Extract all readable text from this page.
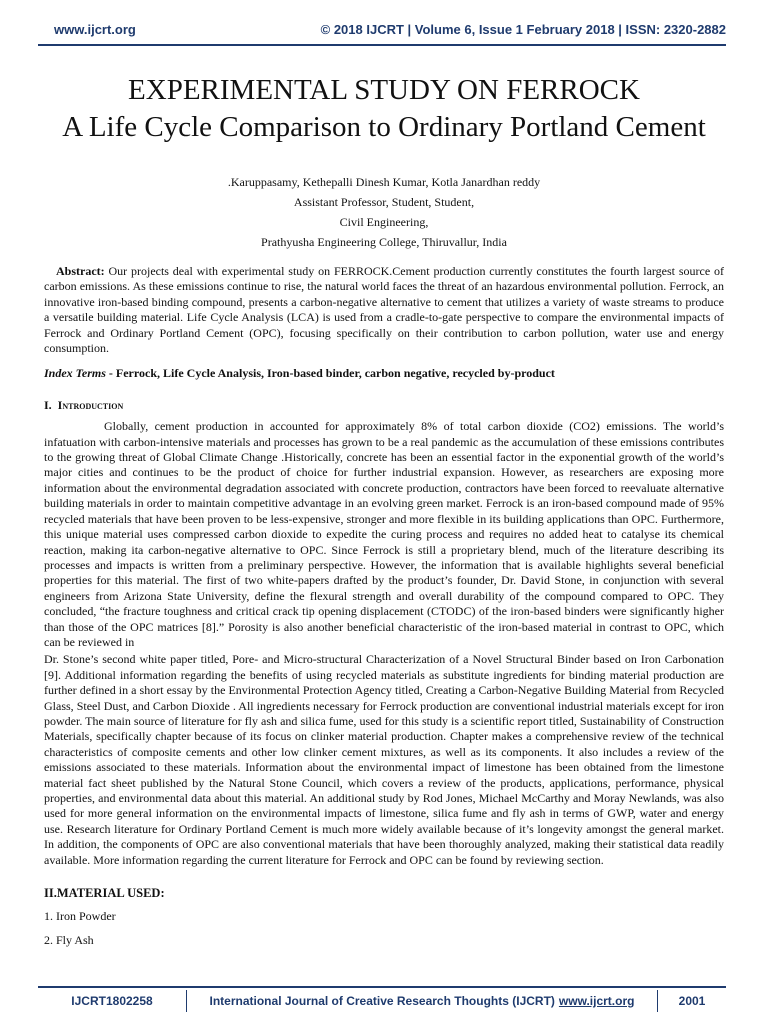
www.ijcrt.org	© 2018 IJCRT | Volume 6, Issue 1 February 2018 | ISSN: 2320-2882
EXPERIMENTAL STUDY ON FERROCK
A Life Cycle Comparison to Ordinary Portland Cement
.Karuppasamy, Kethepalli Dinesh Kumar, Kotla Janardhan reddy
Assistant Professor, Student, Student,
Civil Engineering,
Prathyusha Engineering College, Thiruvallur, India

Abstract: Our projects deal with experimental study on FERROCK.Cement production currently constitutes the fourth largest source of carbon emissions. As these emissions continue to rise, the natural world faces the threat of an hazardous environmental pollution. Ferrock, an innovative iron-based binding compound, presents a carbon-negative alternative to cement that utilizes a variety of waste streams to produce a versatile building material. Life Cycle Analysis (LCA) is used from a cradle-to-gate perspective to compare the environmental impacts of Ferrock and Ordinary Portland Cement (OPC), focusing specifically on their contribution to carbon pollution, water use and energy consumption.

Index Terms - Ferrock, Life Cycle Analysis, Iron-based binder, carbon negative, recycled by-product

I. Introduction

Globally, cement production in accounted for approximately 8% of total carbon dioxide (CO2) emissions. The world’s infatuation with carbon-intensive materials and processes has grown to be a real pandemic as the accumulation of these emissions contributes to the growing threat of Global Climate Change .Historically, concrete has been an essential factor in the exponential growth of the world’s major cities and continues to be the product of choice for further industrial expansion. However, as researchers are exposing more information about the environmental degradation associated with concrete production, contractors have been forced to reevaluate alternative building materials in order to maintain competitive advantage in an evolving green market. Ferrock is an iron-based compound made of 95% recycled materials that have been proven to be less-expensive, stronger and more flexible in its building applications than OPC. Furthermore, this unique material uses compressed carbon dioxide to expedite the curing process and requires no added heat to catalyse its chemical reaction, making ita carbon-negative alternative to OPC. Since Ferrock is still a proprietary blend, much of the literature describing its processes and impacts is written from a preliminary perspective. However, the information that is available highlights several beneficial properties for this material. The first of two white-papers drafted by the product’s founder, Dr. David Stone, in conjunction with several engineers from Arizona State University, define the flexural strength and overall durability of the compound compared to OPC. They concluded, “the fracture toughness and critical crack tip opening displacement (CTODC) of the iron-based binders were significantly higher than those of the OPC matrices [8].” Porosity is also another beneficial characteristic of the iron-based material in contrast to OPC, which can be reviewed in

Dr. Stone’s second white paper titled, Pore- and Micro-structural Characterization of a Novel Structural Binder based on Iron Carbonation [9]. Additional information regarding the benefits of using recycled materials as substitute ingredients for binding material production are further defined in a short essay by the Environmental Protection Agency titled, Creating a Carbon-Negative Building Material from Recycled Glass, Steel Dust, and Carbon Dioxide . All ingredients necessary for Ferrock production are conventional industrial materials except for iron powder. The main source of literature for fly ash and silica fume, used for this study is a scientific report titled, Sustainability of Construction Materials, specifically chapter because of its focus on clinker material production. Chapter makes a comprehensive review of the technical characteristics of composite cements and other low clinker cement mixtures, as well as its components. It also includes a review of the emissions associated to these materials. Information about the environmental impact of limestone has been obtained from the limestone material fact sheet published by the Natural Stone Council, which covers a review of the products, applications, performance, physical properties, and environmental data about this material. An additional study by Rod Jones, Michael McCarthy and Moray Newlands, was also used for more general information on the environmental impacts of limestone, silica fume and fly ash in terms of GWP, water and energy use. Research literature for Ordinary Portland Cement is much more widely available because of it’s longevity amongst the general market. In addition, the components of OPC are also conventional materials that have been thoroughly analyzed, making their statistical data readily available. More information regarding the current literature for Ferrock and OPC can be found by reviewing section.

II.MATERIAL USED:

1. Iron Powder

2. Fly Ash

IJCRT1802258	International Journal of Creative Research Thoughts (IJCRT) www.ijcrt.org	2001
